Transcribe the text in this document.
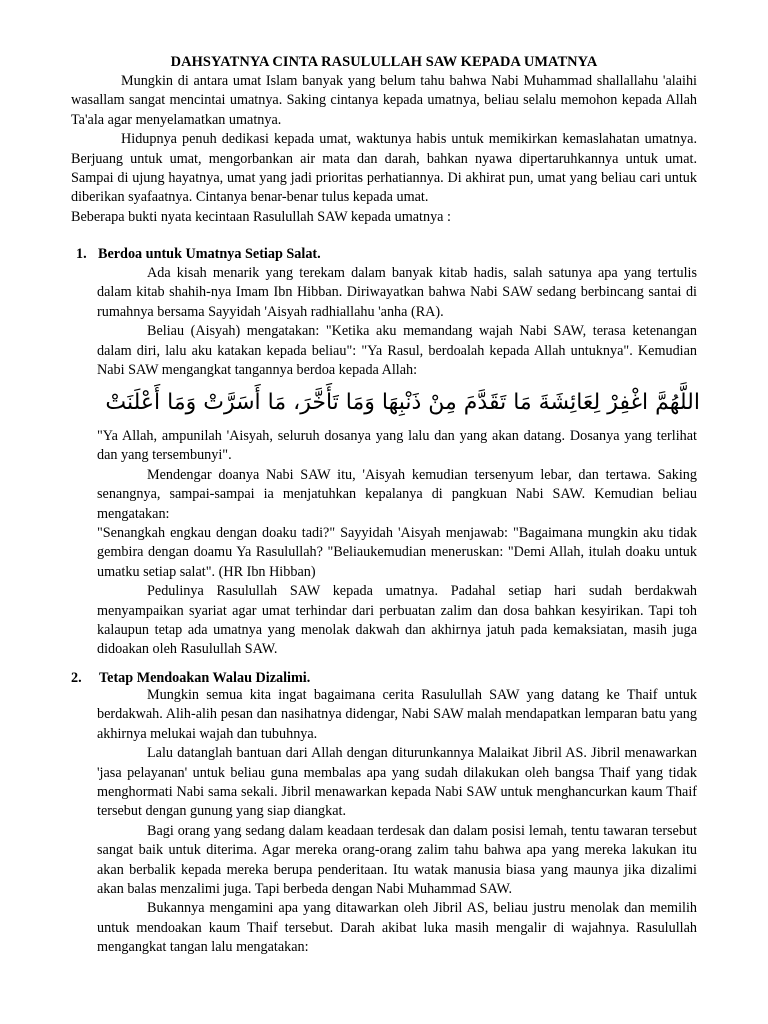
DAHSYATNYA CINTA RASULULLAH SAW KEPADA UMATNYA

Mungkin di antara umat Islam banyak yang belum tahu bahwa Nabi Muhammad shallallahu 'alaihi wasallam sangat mencintai umatnya. Saking cintanya kepada umatnya, beliau selalu memohon kepada Allah Ta'ala agar menyelamatkan umatnya.

Hidupnya penuh dedikasi kepada umat, waktunya habis untuk memikirkan kemaslahatan umatnya. Berjuang untuk umat, mengorbankan air mata dan darah, bahkan nyawa dipertaruhkannya untuk umat. Sampai di ujung hayatnya, umat yang jadi prioritas perhatiannya. Di akhirat pun, umat yang beliau cari untuk diberikan syafaatnya. Cintanya benar-benar tulus kepada umat.

Beberapa bukti nyata kecintaan Rasulullah SAW kepada umatnya :

1. Berdoa untuk Umatnya Setiap Salat.

Ada kisah menarik yang terekam dalam banyak kitab hadis, salah satunya apa yang tertulis dalam kitab shahih-nya Imam Ibn Hibban. Diriwayatkan bahwa Nabi SAW sedang berbincang santai di rumahnya bersama Sayyidah 'Aisyah radhiallahu 'anha (RA).

Beliau (Aisyah) mengatakan: "Ketika aku memandang wajah Nabi SAW, terasa ketenangan dalam diri, lalu aku katakan kepada beliau": "Ya Rasul, berdoalah kepada Allah untuknya". Kemudian Nabi SAW mengangkat tangannya berdoa kepada Allah:

اللَّهُمَّ اغْفِرْ لِعَائِشَةَ مَا تَقَدَّمَ مِنْ ذَنْبِهَا وَمَا تَأَخَّرَ، مَا أَسَرَّتْ وَمَا أَعْلَنَتْ

"Ya Allah, ampunilah 'Aisyah, seluruh dosanya yang lalu dan yang akan datang. Dosanya yang terlihat dan yang tersembunyi".

Mendengar doanya Nabi SAW itu, 'Aisyah kemudian tersenyum lebar, dan tertawa. Saking senangnya, sampai-sampai ia menjatuhkan kepalanya di pangkuan Nabi SAW. Kemudian beliau mengatakan:

"Senangkah engkau dengan doaku tadi?" Sayyidah 'Aisyah menjawab: "Bagaimana mungkin aku tidak gembira dengan doamu Ya Rasulullah? "Beliaukemudian meneruskan: "Demi Allah, itulah doaku untuk umatku setiap salat". (HR Ibn Hibban)

Pedulinya Rasulullah SAW kepada umatnya. Padahal setiap hari sudah berdakwah menyampaikan syariat agar umat terhindar dari perbuatan zalim dan dosa bahkan kesyirikan. Tapi toh kalaupun tetap ada umatnya yang menolak dakwah dan akhirnya jatuh pada kemaksiatan, masih juga didoakan oleh Rasulullah SAW.

2. Tetap Mendoakan Walau Dizalimi.

Mungkin semua kita ingat bagaimana cerita Rasulullah SAW yang datang ke Thaif untuk berdakwah. Alih-alih pesan dan nasihatnya didengar, Nabi SAW malah mendapatkan lemparan batu yang akhirnya melukai wajah dan tubuhnya.

Lalu datanglah bantuan dari Allah dengan diturunkannya Malaikat Jibril AS. Jibril menawarkan 'jasa pelayanan' untuk beliau guna membalas apa yang sudah dilakukan oleh bangsa Thaif yang tidak menghormati Nabi sama sekali. Jibril menawarkan kepada Nabi SAW untuk menghancurkan kaum Thaif tersebut dengan gunung yang siap diangkat.

Bagi orang yang sedang dalam keadaan terdesak dan dalam posisi lemah, tentu tawaran tersebut sangat baik untuk diterima. Agar mereka orang-orang zalim tahu bahwa apa yang mereka lakukan itu akan berbalik kepada mereka berupa penderitaan. Itu watak manusia biasa yang maunya jika dizalimi akan balas menzalimi juga. Tapi berbeda dengan Nabi Muhammad SAW.

Bukannya mengamini apa yang ditawarkan oleh Jibril AS, beliau justru menolak dan memilih untuk mendoakan kaum Thaif tersebut. Darah akibat luka masih mengalir di wajahnya. Rasulullah mengangkat tangan lalu mengatakan:
